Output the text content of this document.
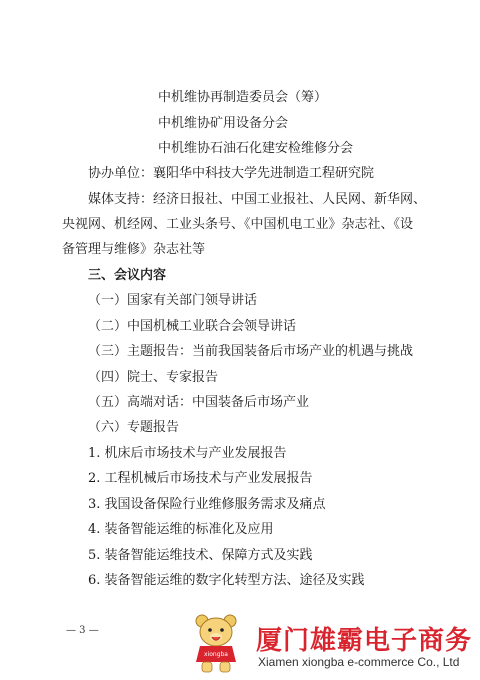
中机维协再制造委员会（筹）
中机维协矿用设备分会
中机维协石油石化建安检维修分会
协办单位：襄阳华中科技大学先进制造工程研究院
媒体支持：经济日报社、中国工业报社、人民网、新华网、
央视网、机经网、工业头条号、《中国机电工业》杂志社、《设
备管理与维修》杂志社等
三、会议内容
（一）国家有关部门领导讲话
（二）中国机械工业联合会领导讲话
（三）主题报告：当前我国装备后市场产业的机遇与挑战
（四）院士、专家报告
（五）高端对话：中国装备后市场产业
（六）专题报告
1. 机床后市场技术与产业发展报告
2. 工程机械后市场技术与产业发展报告
3. 我国设备保险行业维修服务需求及痛点
4. 装备智能运维的标准化及应用
5. 装备智能运维技术、保障方式及实践
6. 装备智能运维的数字化转型方法、途径及实践
— 3 —
xiongba 厦门雄霸电子商务
Xiamen xiongba e-commerce Co., Ltd
